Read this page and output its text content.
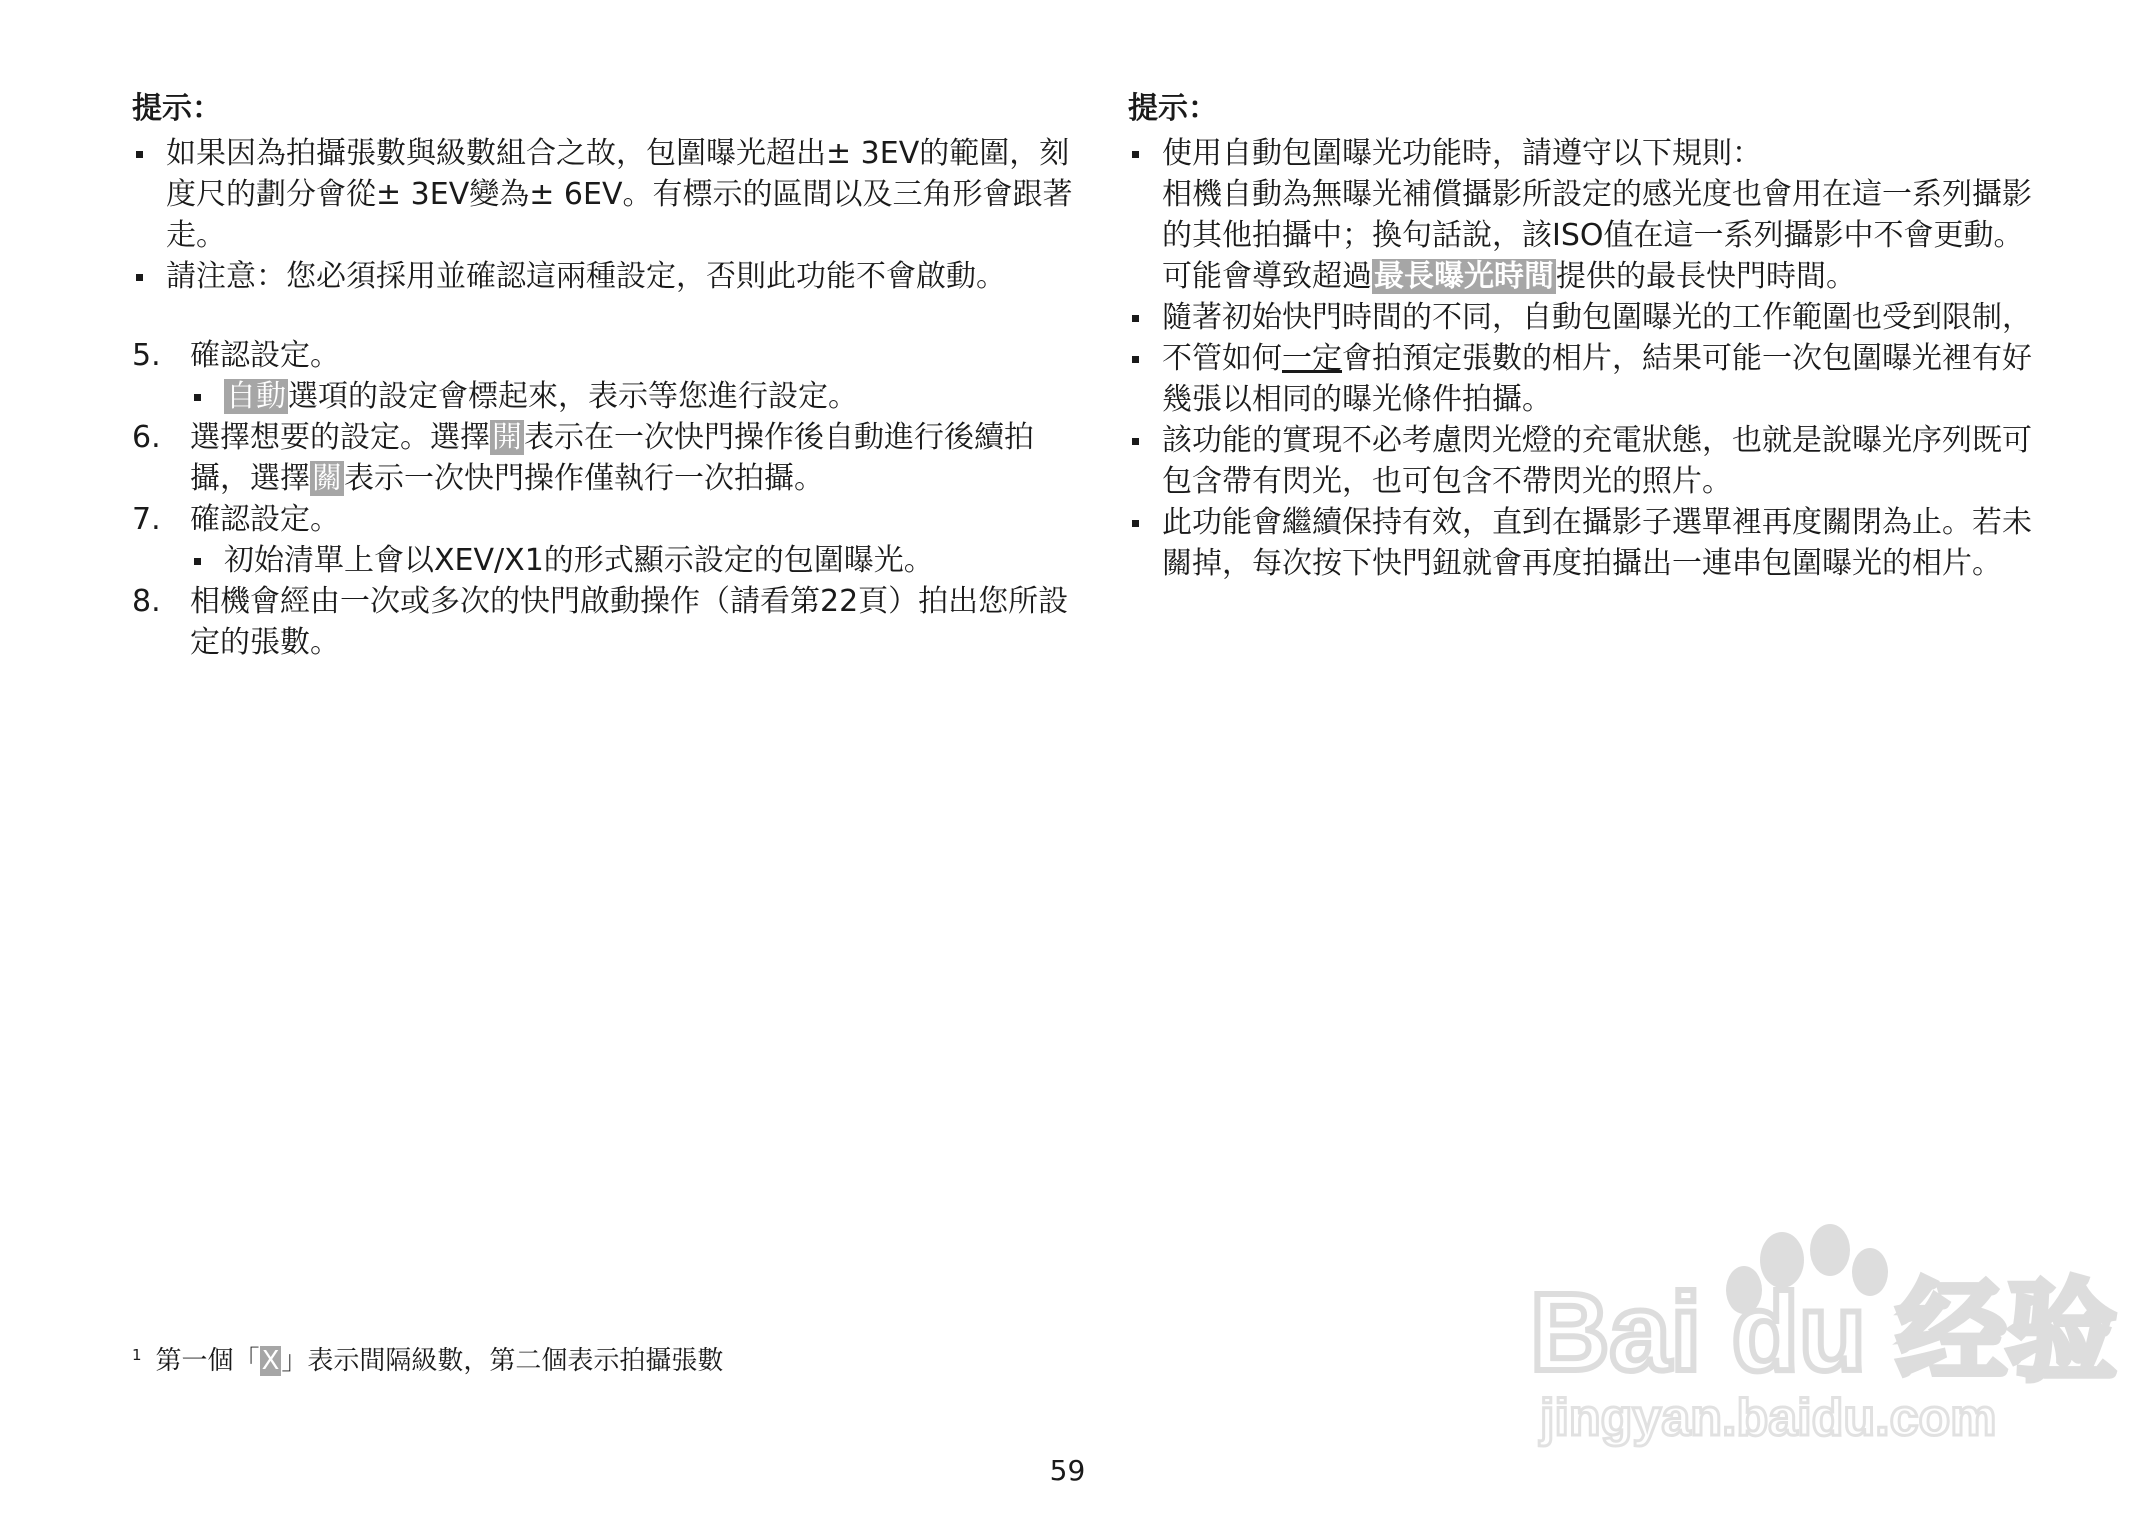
提示：
如果因為拍攝張數與級數組合之故，包圍曝光超出± 3EV的範圍，刻度尺的劃分會從± 3EV變為± 6EV。有標示的區間以及三角形會跟著走。
請注意：您必須採用並確認這兩種設定，否則此功能不會啟動。
5. 確認設定。
自動選項的設定會標起來，表示等您進行設定。
6. 選擇想要的設定。選擇開表示在一次快門操作後自動進行後續拍攝，選擇關表示一次快門操作僅執行一次拍攝。
7. 確認設定。
初始清單上會以XEV/X1的形式顯示設定的包圍曝光。
8. 相機會經由一次或多次的快門啟動操作（請看第22頁）拍出您所設定的張數。
提示：
使用自動包圍曝光功能時，請遵守以下規則：
相機自動為無曝光補償攝影所設定的感光度也會用在這一系列攝影的其他拍攝中；換句話說，該ISO值在這一系列攝影中不會更動。
可能會導致超過最長曝光時間提供的最長快門時間。
隨著初始快門時間的不同，自動包圍曝光的工作範圍也受到限制，
不管如何一定會拍預定張數的相片，結果可能一次包圍曝光裡有好幾張以相同的曝光條件拍攝。
該功能的實現不必考慮閃光燈的充電狀態，也就是說曝光序列既可包含帶有閃光，也可包含不帶閃光的照片。
此功能會繼續保持有效，直到在攝影子選單裡再度關閉為止。若未關掉，每次按下快門鈕就會再度拍攝出一連串包圍曝光的相片。
$^1$ 第一個「X」表示間隔級數，第二個表示拍攝張數
59
Bai du 经验
jingyan.baidu.com
